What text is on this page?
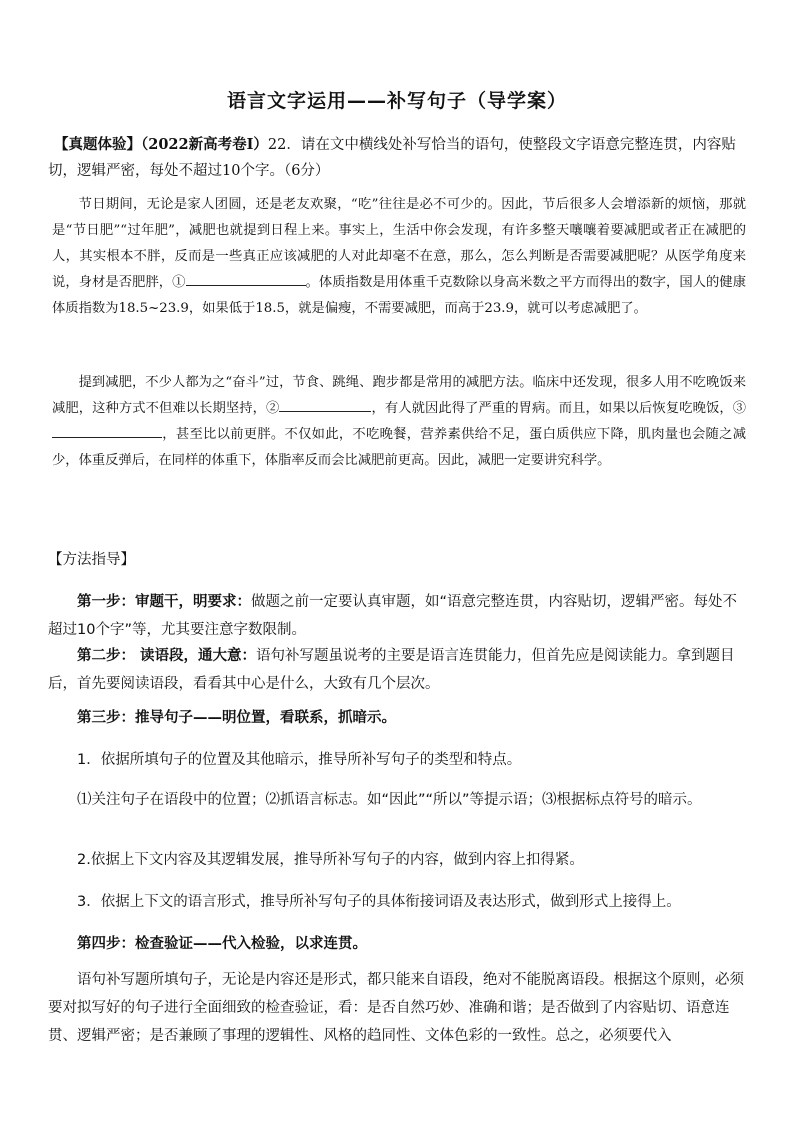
语言文字运用——补写句子（导学案）
【真题体验】（2022新高考卷Ⅰ）22．请在文中横线处补写恰当的语句，使整段文字语意完整连贯，内容贴切，逻辑严密，每处不超过10个字。（6分）

节日期间，无论是家人团圆，还是老友欢聚，“吃”往往是必不可少的。因此，节后很多人会增添新的烦恼，那就是“节日肥”“过年肥”，减肥也就提到日程上来。事实上，生活中你会发现，有许多整天嚷嚷着要减肥或者正在减肥的人，其实根本不胖，反而是一些真正应该减肥的人对此却毫不在意，那么，怎么判断是否需要减肥呢？从医学角度来说，身材是否肥胖，①	。体质指数是用体重千克数除以身高米数之平方而得出的数字，国人的健康体质指数为18.5~23.9，如果低于18.5，就是偏瘦，不需要减肥，而高于23.9，就可以考虑减肥了。

提到减肥，不少人都为之“奋斗”过，节食、跳绳、跑步都是常用的减肥方法。临床中还发现，很多人用不吃晚饭来减肥，这种方式不但难以长期坚持，②	，有人就因此得了严重的胃病。而且，如果以后恢复吃晚饭，③，甚至比以前更胖。不仅如此，不吃晚餐，营养素供给不足，蛋白质供应下降，肌肉量也会随之减 少，体重反弹后，在同样的体重下，体脂率反而会比减肥前更高。因此，减肥一定要讲究科学。

【方法指导】
第一步：审题干，明要求：做题之前一定要认真审题，如“语意完整连贯，内容贴切，逻辑严密。每处不超过10个字”等，尤其要注意字数限制。
第二步： 读语段，通大意：语句补写题虽说考的主要是语言连贯能力，但首先应是阅读能力。拿到题目后，首先要阅读语段，看看其中心是什么，大致有几个层次。
第三步：推导句子——明位置，看联系，抓暗示。
1．依据所填句子的位置及其他暗示，推导所补写句子的类型和特点。
⑴关注句子在语段中的位置；⑵抓语言标志。如“因此”“所以”等提示语；⑶根据标点符号的暗示。
2.依据上下文内容及其逻辑发展，推导所补写句子的内容，做到内容上扣得紧。
3．依据上下文的语言形式，推导所补写句子的具体衔接词语及表达形式，做到形式上接得上。
第四步：检查验证——代入检验，以求连贯。
语句补写题所填句子，无论是内容还是形式，都只能来自语段，绝对不能脱离语段。根据这个原则，必须要对拟写好的句子进行全面细致的检查验证，看：是否自然巧妙、准确和谐；是否做到了内容贴切、语意连贯、逻辑严密；是否兼顾了事理的逻辑性、风格的趋同性、文体色彩的一致性。总之，必须要代入
